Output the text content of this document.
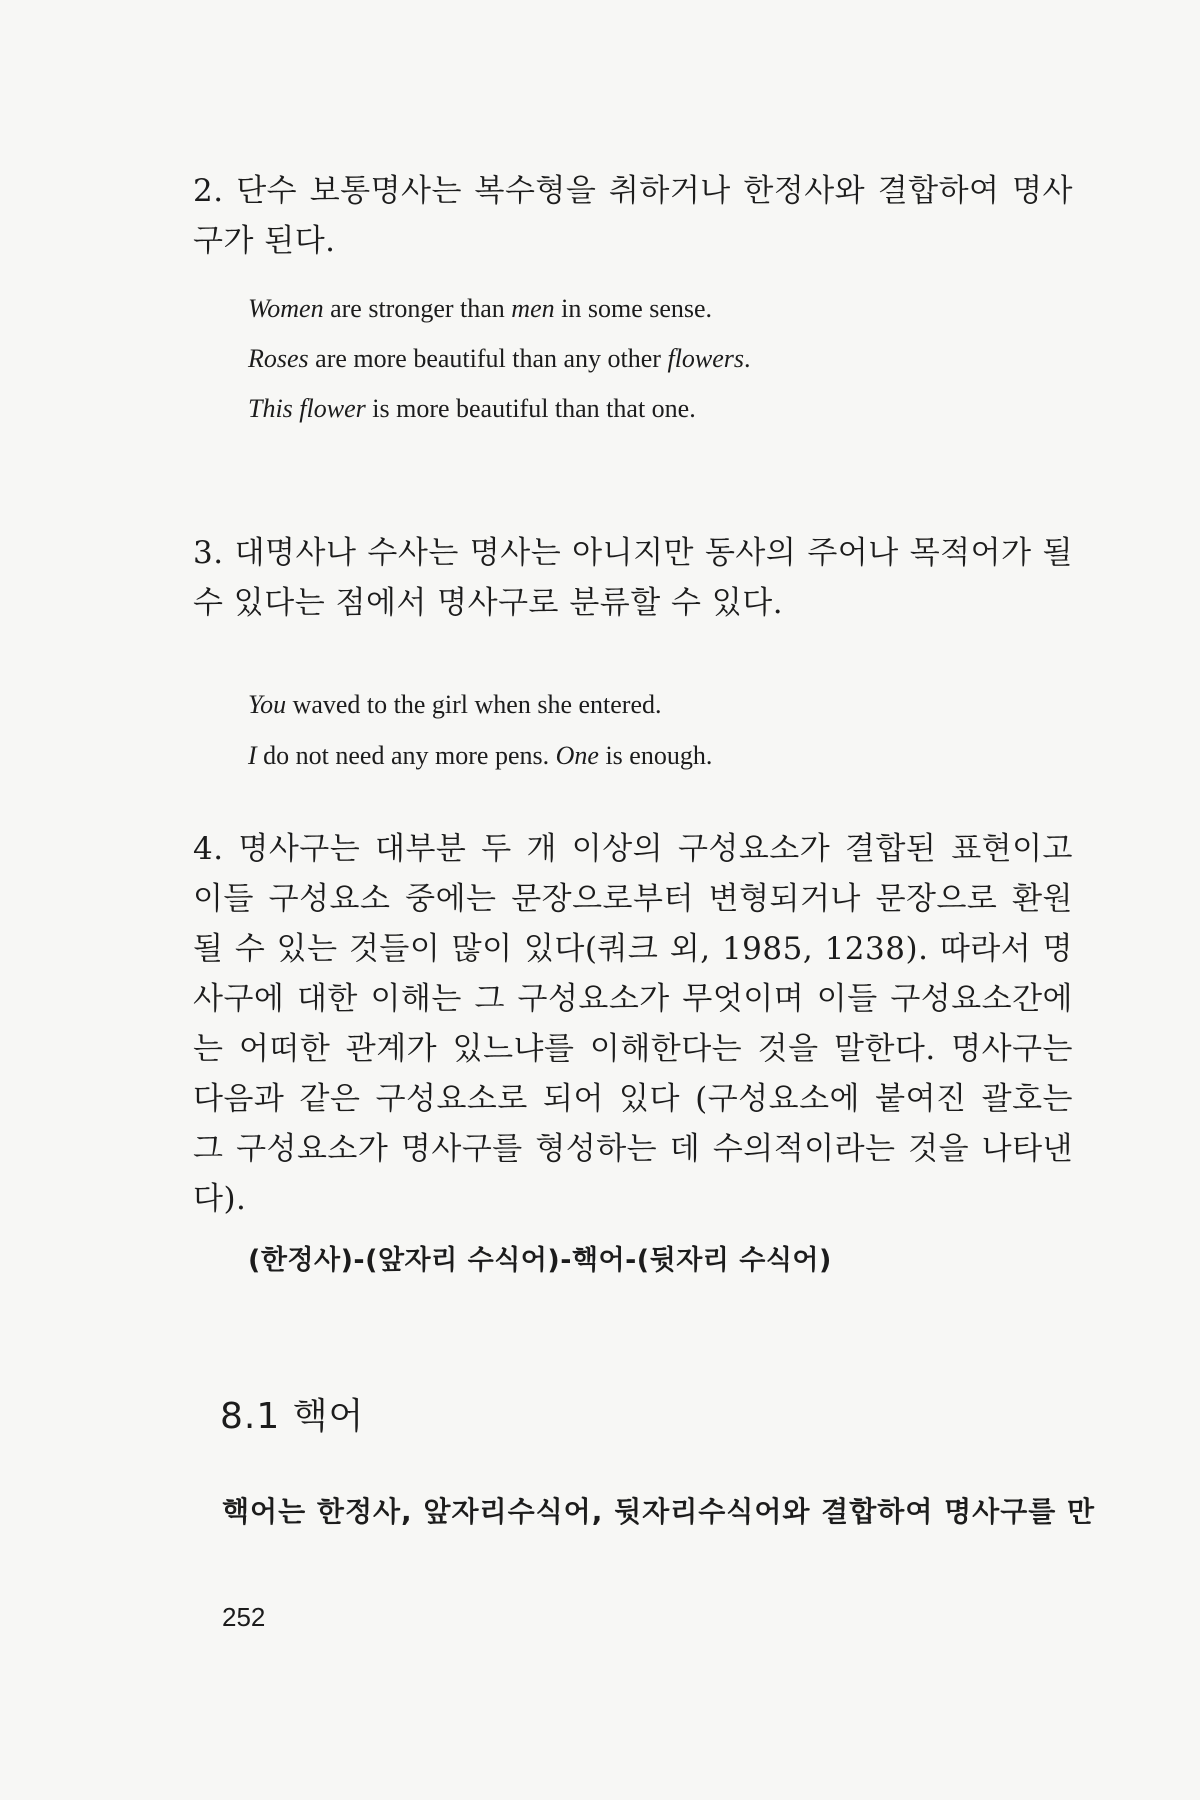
2. 단수 보통명사는 복수형을 취하거나 한정사와 결합하여 명사구가 된다.

Women are stronger than men in some sense.

Roses are more beautiful than any other flowers.

This flower is more beautiful than that one.

3. 대명사나 수사는 명사는 아니지만 동사의 주어나 목적어가 될 수 있다는 점에서 명사구로 분류할 수 있다.

You waved to the girl when she entered.

I do not need any more pens. One is enough.

4. 명사구는 대부분 두 개 이상의 구성요소가 결합된 표현이고 이들 구성요소 중에는 문장으로부터 변형되거나 문장으로 환원될 수 있는 것들이 많이 있다(쿼크 외, 1985, 1238). 따라서 명사구에 대한 이해는 그 구성요소가 무엇이며 이들 구성요소간에는 어떠한 관계가 있느냐를 이해한다는 것을 말한다. 명사구는 다음과 같은 구성요소로 되어 있다 (구성요소에 붙여진 괄호는 그 구성요소가 명사구를 형성하는 데 수의적이라는 것을 나타낸다).

(한정사)-(앞자리 수식어)-핵어-(뒷자리 수식어)

8.1 핵어

핵어는 한정사, 앞자리수식어, 뒷자리수식어와 결합하여 명사구를 만

252
